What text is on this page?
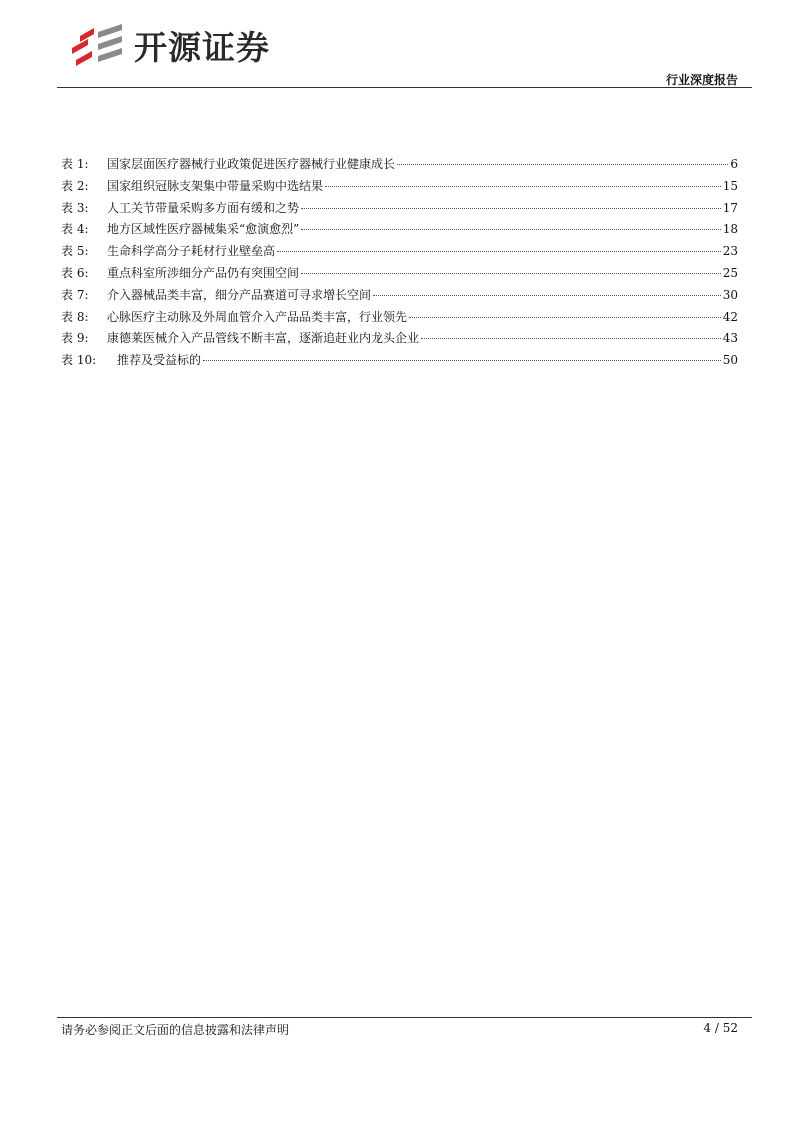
开源证券
行业深度报告
表 1:	国家层面医疗器械行业政策促进医疗器械行业健康成长	6
表 2:	国家组织冠脉支架集中带量采购中选结果	15
表 3:	人工关节带量采购多方面有缓和之势	17
表 4:	地方区域性医疗器械集采“愈演愈烈”	18
表 5:	生命科学高分子耗材行业壁垒高	23
表 6:	重点科室所涉细分产品仍有突围空间	25
表 7:	介入器械品类丰富，细分产品赛道可寻求增长空间	30
表 8:	心脉医疗主动脉及外周血管介入产品品类丰富，行业领先	42
表 9:	康德莱医械介入产品管线不断丰富，逐渐追赶业内龙头企业	43
表 10:	推荐及受益标的	50
请务必参阅正文后面的信息披露和法律声明	4 / 52
